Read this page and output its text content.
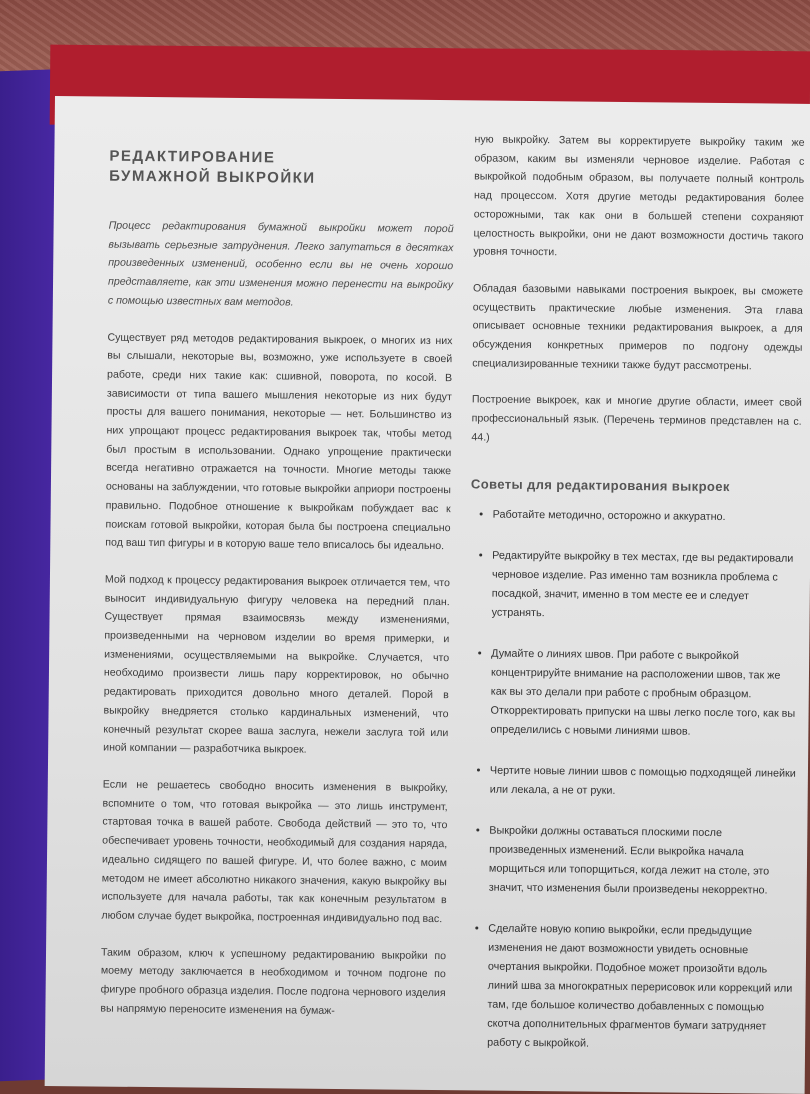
РЕДАКТИРОВАНИЕ БУМАЖНОЙ ВЫКРОЙКИ

Процесс редактирования бумажной выкройки может порой вызывать серьезные затруднения. Легко запутаться в десятках произведенных изменений, особенно если вы не очень хорошо представляете, как эти изменения можно перенести на выкройку с помощью известных вам методов.

Существует ряд методов редактирования выкроек, о многих из них вы слышали, некоторые вы, возможно, уже используете в своей работе, среди них такие как: сшивной, поворота, по косой. В зависимости от типа вашего мышления некоторые из них будут просты для вашего понимания, некоторые — нет. Большинство из них упрощают процесс редактирования выкроек так, чтобы метод был простым в использовании. Однако упрощение практически всегда негативно отражается на точности. Многие методы также основаны на заблуждении, что готовые выкройки априори построены правильно. Подобное отношение к выкройкам побуждает вас к поискам готовой выкройки, которая была бы построена специально под ваш тип фигуры и в которую ваше тело вписалось бы идеально.

Мой подход к процессу редактирования выкроек отличается тем, что выносит индивидуальную фигуру человека на передний план. Существует прямая взаимосвязь между изменениями, произведенными на черновом изделии во время примерки, и изменениями, осуществляемыми на выкройке. Случается, что необходимо произвести лишь пару корректировок, но обычно редактировать приходится довольно много деталей. Порой в выкройку внедряется столько кардинальных изменений, что конечный результат скорее ваша заслуга, нежели заслуга той или иной компании — разработчика выкроек.

Если не решаетесь свободно вносить изменения в выкройку, вспомните о том, что готовая выкройка — это лишь инструмент, стартовая точка в вашей работе. Свобода действий — это то, что обеспечивает уровень точности, необходимый для создания наряда, идеально сидящего по вашей фигуре. И, что более важно, с моим методом не имеет абсолютно никакого значения, какую выкройку вы используете для начала работы, так как конечным результатом в любом случае будет выкройка, построенная индивидуально под вас.

Таким образом, ключ к успешному редактированию выкройки по моему методу заключается в необходимом и точном подгоне по фигуре пробного образца изделия. После подгона чернового изделия вы напрямую переносите изменения на бумаж-

ную выкройку. Затем вы корректируете выкройку таким же образом, каким вы изменяли черновое изделие. Работая с выкройкой подобным образом, вы получаете полный контроль над процессом. Хотя другие методы редактирования более осторожными, так как они в большей степени сохраняют целостность выкройки, они не дают возможности достичь такого уровня точности.

Обладая базовыми навыками построения выкроек, вы сможете осуществить практические любые изменения. Эта глава описывает основные техники редактирования выкроек, а для обсуждения конкретных примеров по подгону одежды специализированные техники также будут рассмотрены.

Построение выкроек, как и многие другие области, имеет свой профессиональный язык. (Перечень терминов представлен на с. 44.)

Советы для редактирования выкроек
• Работайте методично, осторожно и аккуратно.
• Редактируйте выкройку в тех местах, где вы редактировали черновое изделие. Раз именно там возникла проблема с посадкой, значит, именно в том месте ее и следует устранять.
• Думайте о линиях швов. При работе с выкройкой концентрируйте внимание на расположении швов, так же как вы это делали при работе с пробным образцом. Откорректировать припуски на швы легко после того, как вы определились с новыми линиями швов.
• Чертите новые линии швов с помощью подходящей линейки или лекала, а не от руки.
• Выкройки должны оставаться плоскими после произведенных изменений. Если выкройка начала морщиться или топорщиться, когда лежит на столе, это значит, что изменения были произведены некорректно.
• Сделайте новую копию выкройки, если предыдущие изменения не дают возможности увидеть основные очертания выкройки. Подобное может произойти вдоль линий шва за многократных перерисовок или коррекций или там, где большое количество добавленных с помощью скотча дополнительных фрагментов бумаги затрудняет работу с выкройкой.
